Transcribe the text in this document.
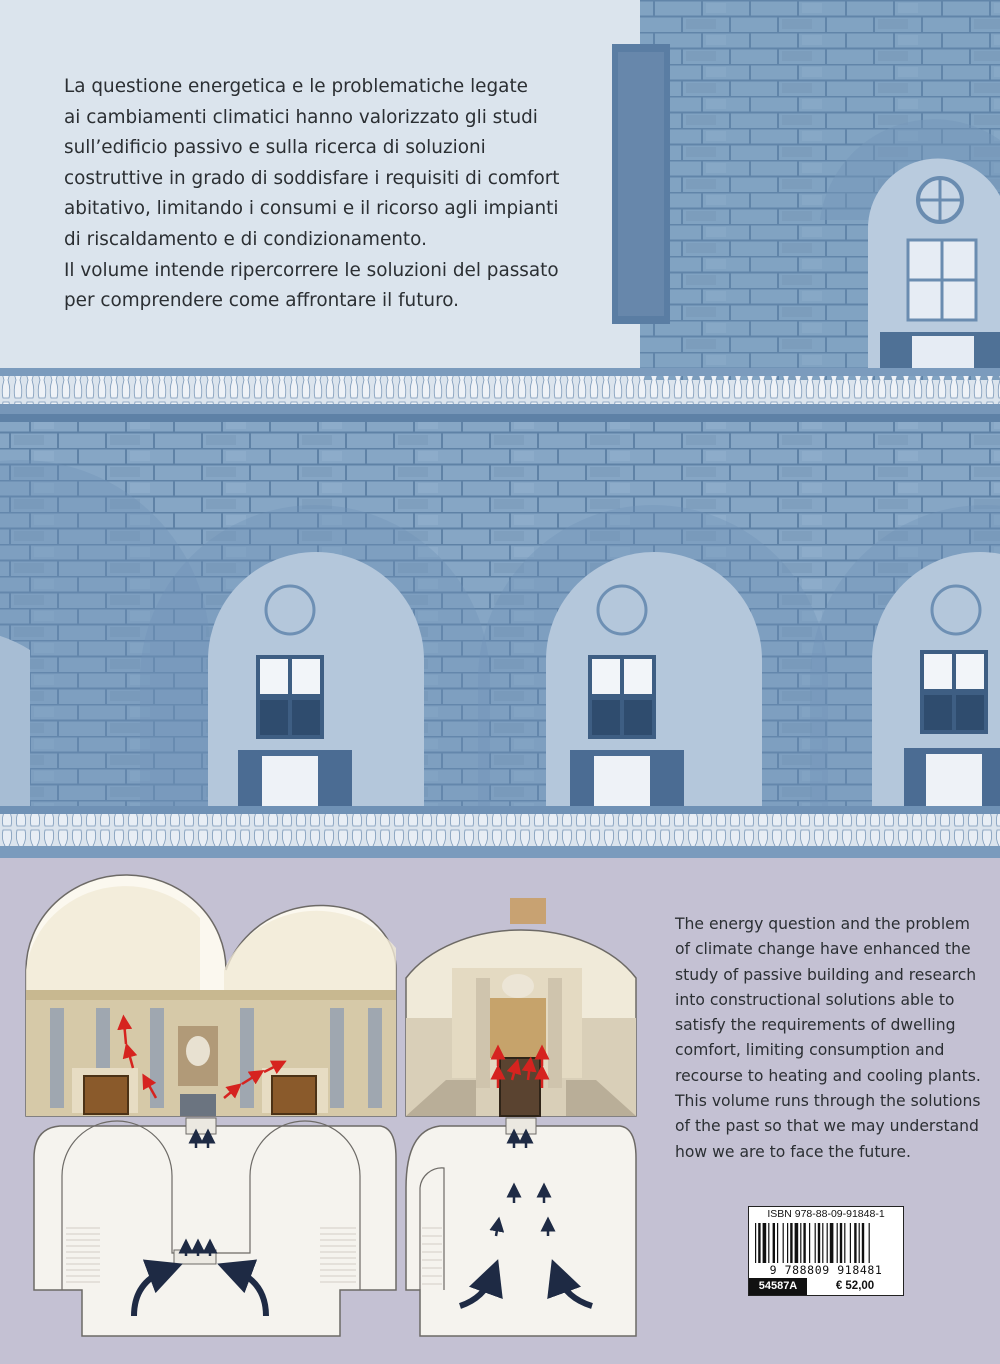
La questione energetica e le problematiche legate
ai cambiamenti climatici hanno valorizzato gli studi
sull’edificio passivo e sulla ricerca di soluzioni
costruttive in grado di soddisfare i requisiti di comfort
abitativo, limitando i consumi e il ricorso agli impianti
di riscaldamento e di condizionamento.
Il volume intende ripercorrere le soluzioni del passato
per comprendere come affrontare il futuro.

The energy question and the problem
of climate change have enhanced the
study of passive building and research
into constructional solutions able to
satisfy the requirements of dwelling
comfort, limiting consumption and
recourse to heating and cooling plants.
This volume runs through the solutions
of the past so that we may understand
how we are to face the future.

ISBN 978-88-09-91848-1
9 788809 918481
54587A	€ 52,00
